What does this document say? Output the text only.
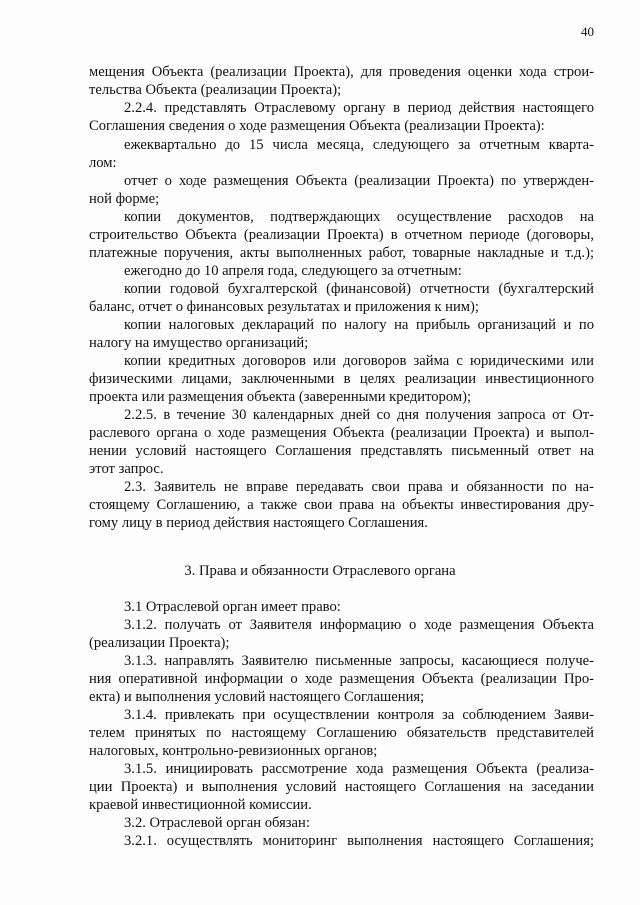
40
мещения Объекта (реализации Проекта), для проведения оценки хода строи-
тельства Объекта (реализации Проекта);
2.2.4. представлять Отраслевому органу в период действия настоящего
Соглашения сведения о ходе размещения Объекта (реализации Проекта):
ежеквартально до 15 числа месяца, следующего за отчетным кварта-
лом:
отчет о ходе размещения Объекта (реализации Проекта) по утвержден-
ной форме;
копии документов, подтверждающих осуществление расходов на
строительство Объекта (реализации Проекта) в отчетном периоде (договоры,
платежные поручения, акты выполненных работ, товарные накладные и т.д.);
ежегодно до 10 апреля года, следующего за отчетным:
копии годовой бухгалтерской (финансовой) отчетности (бухгалтерский
баланс, отчет о финансовых результатах и приложения к ним);
копии налоговых деклараций по налогу на прибыль организаций и по
налогу на имущество организаций;
копии кредитных договоров или договоров займа с юридическими или
физическими лицами, заключенными в целях реализации инвестиционного
проекта или размещения объекта (заверенными кредитором);
2.2.5. в течение 30 календарных дней со дня получения запроса от От-
раслевого органа о ходе размещения Объекта (реализации Проекта) и выпол-
нении условий настоящего Соглашения представлять письменный ответ на
этот запрос.
2.3. Заявитель не вправе передавать свои права и обязанности по на-
стоящему Соглашению, а также свои права на объекты инвестирования дру-
гому лицу в период действия настоящего Соглашения.
3. Права и обязанности Отраслевого органа
3.1 Отраслевой орган имеет право:
3.1.2. получать от Заявителя информацию о ходе размещения Объекта
(реализации Проекта);
3.1.3. направлять Заявителю письменные запросы, касающиеся получе-
ния оперативной информации о ходе размещения Объекта (реализации Про-
екта) и выполнения условий настоящего Соглашения;
3.1.4. привлекать при осуществлении контроля за соблюдением Заяви-
телем принятых по настоящему Соглашению обязательств представителей
налоговых, контрольно-ревизионных органов;
3.1.5. инициировать рассмотрение хода размещения Объекта (реализа-
ции Проекта) и выполнения условий настоящего Соглашения на заседании
краевой инвестиционной комиссии.
3.2. Отраслевой орган обязан:
3.2.1. осуществлять мониторинг выполнения настоящего Соглашения;
